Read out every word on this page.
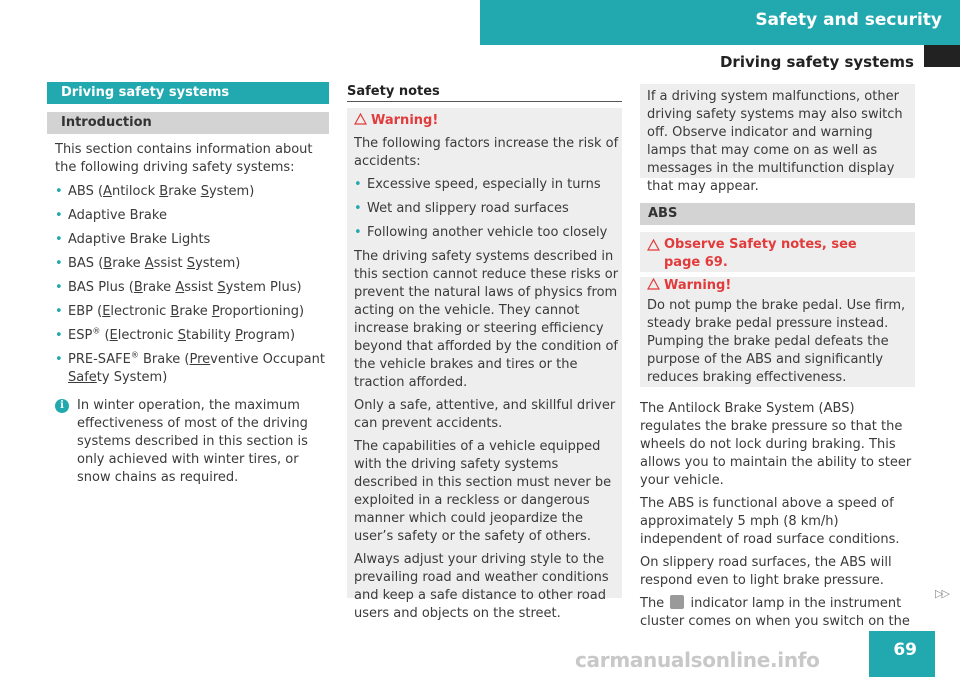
Safety and security
Driving safety systems
Driving safety systems
Introduction

This section contains information about the following driving safety systems:

• ABS (Antilock Brake System)
• Adaptive Brake
• Adaptive Brake Lights
• BAS (Brake Assist System)
• BAS Plus (Brake Assist System Plus)
• EBP (Electronic Brake Proportioning)
• ESP® (Electronic Stability Program)
• PRE-SAFE® Brake (Preventive Occupant Safety System)
i	In winter operation, the maximum effectiveness of most of the driving systems described in this section is only achieved with winter tires, or snow chains as required.
Safety notes

Warning!

The following factors increase the risk of accidents:

• Excessive speed, especially in turns
• Wet and slippery road surfaces
• Following another vehicle too closely

The driving safety systems described in this section cannot reduce these risks or prevent the natural laws of physics from acting on the vehicle. They cannot increase braking or steering efficiency beyond that afforded by the condition of the vehicle brakes and tires or the traction afforded.

Only a safe, attentive, and skillful driver can prevent accidents.

The capabilities of a vehicle equipped with the driving safety systems described in this section must never be exploited in a reckless or dangerous manner which could jeopardize the user’s safety or the safety of others.

Always adjust your driving style to the prevailing road and weather conditions and keep a safe distance to other road users and objects on the street.

If a driving system malfunctions, other driving safety systems may also switch off. Observe indicator and warning lamps that may come on as well as messages in the multifunction display that may appear.

ABS
Observe Safety notes, see page 69.

Warning!

Do not pump the brake pedal. Use firm, steady brake pedal pressure instead. Pumping the brake pedal defeats the purpose of the ABS and significantly reduces braking effectiveness.

The Antilock Brake System (ABS) regulates the brake pressure so that the wheels do not lock during braking. This allows you to maintain the ability to steer your vehicle.

The ABS is functional above a speed of approximately 5 mph (8 km/h) independent of road surface conditions.

On slippery road surfaces, the ABS will respond even to light brake pressure.

The indicator lamp in the instrument cluster comes on when you switch on the

▷▷
69
carmanualsonline.info
